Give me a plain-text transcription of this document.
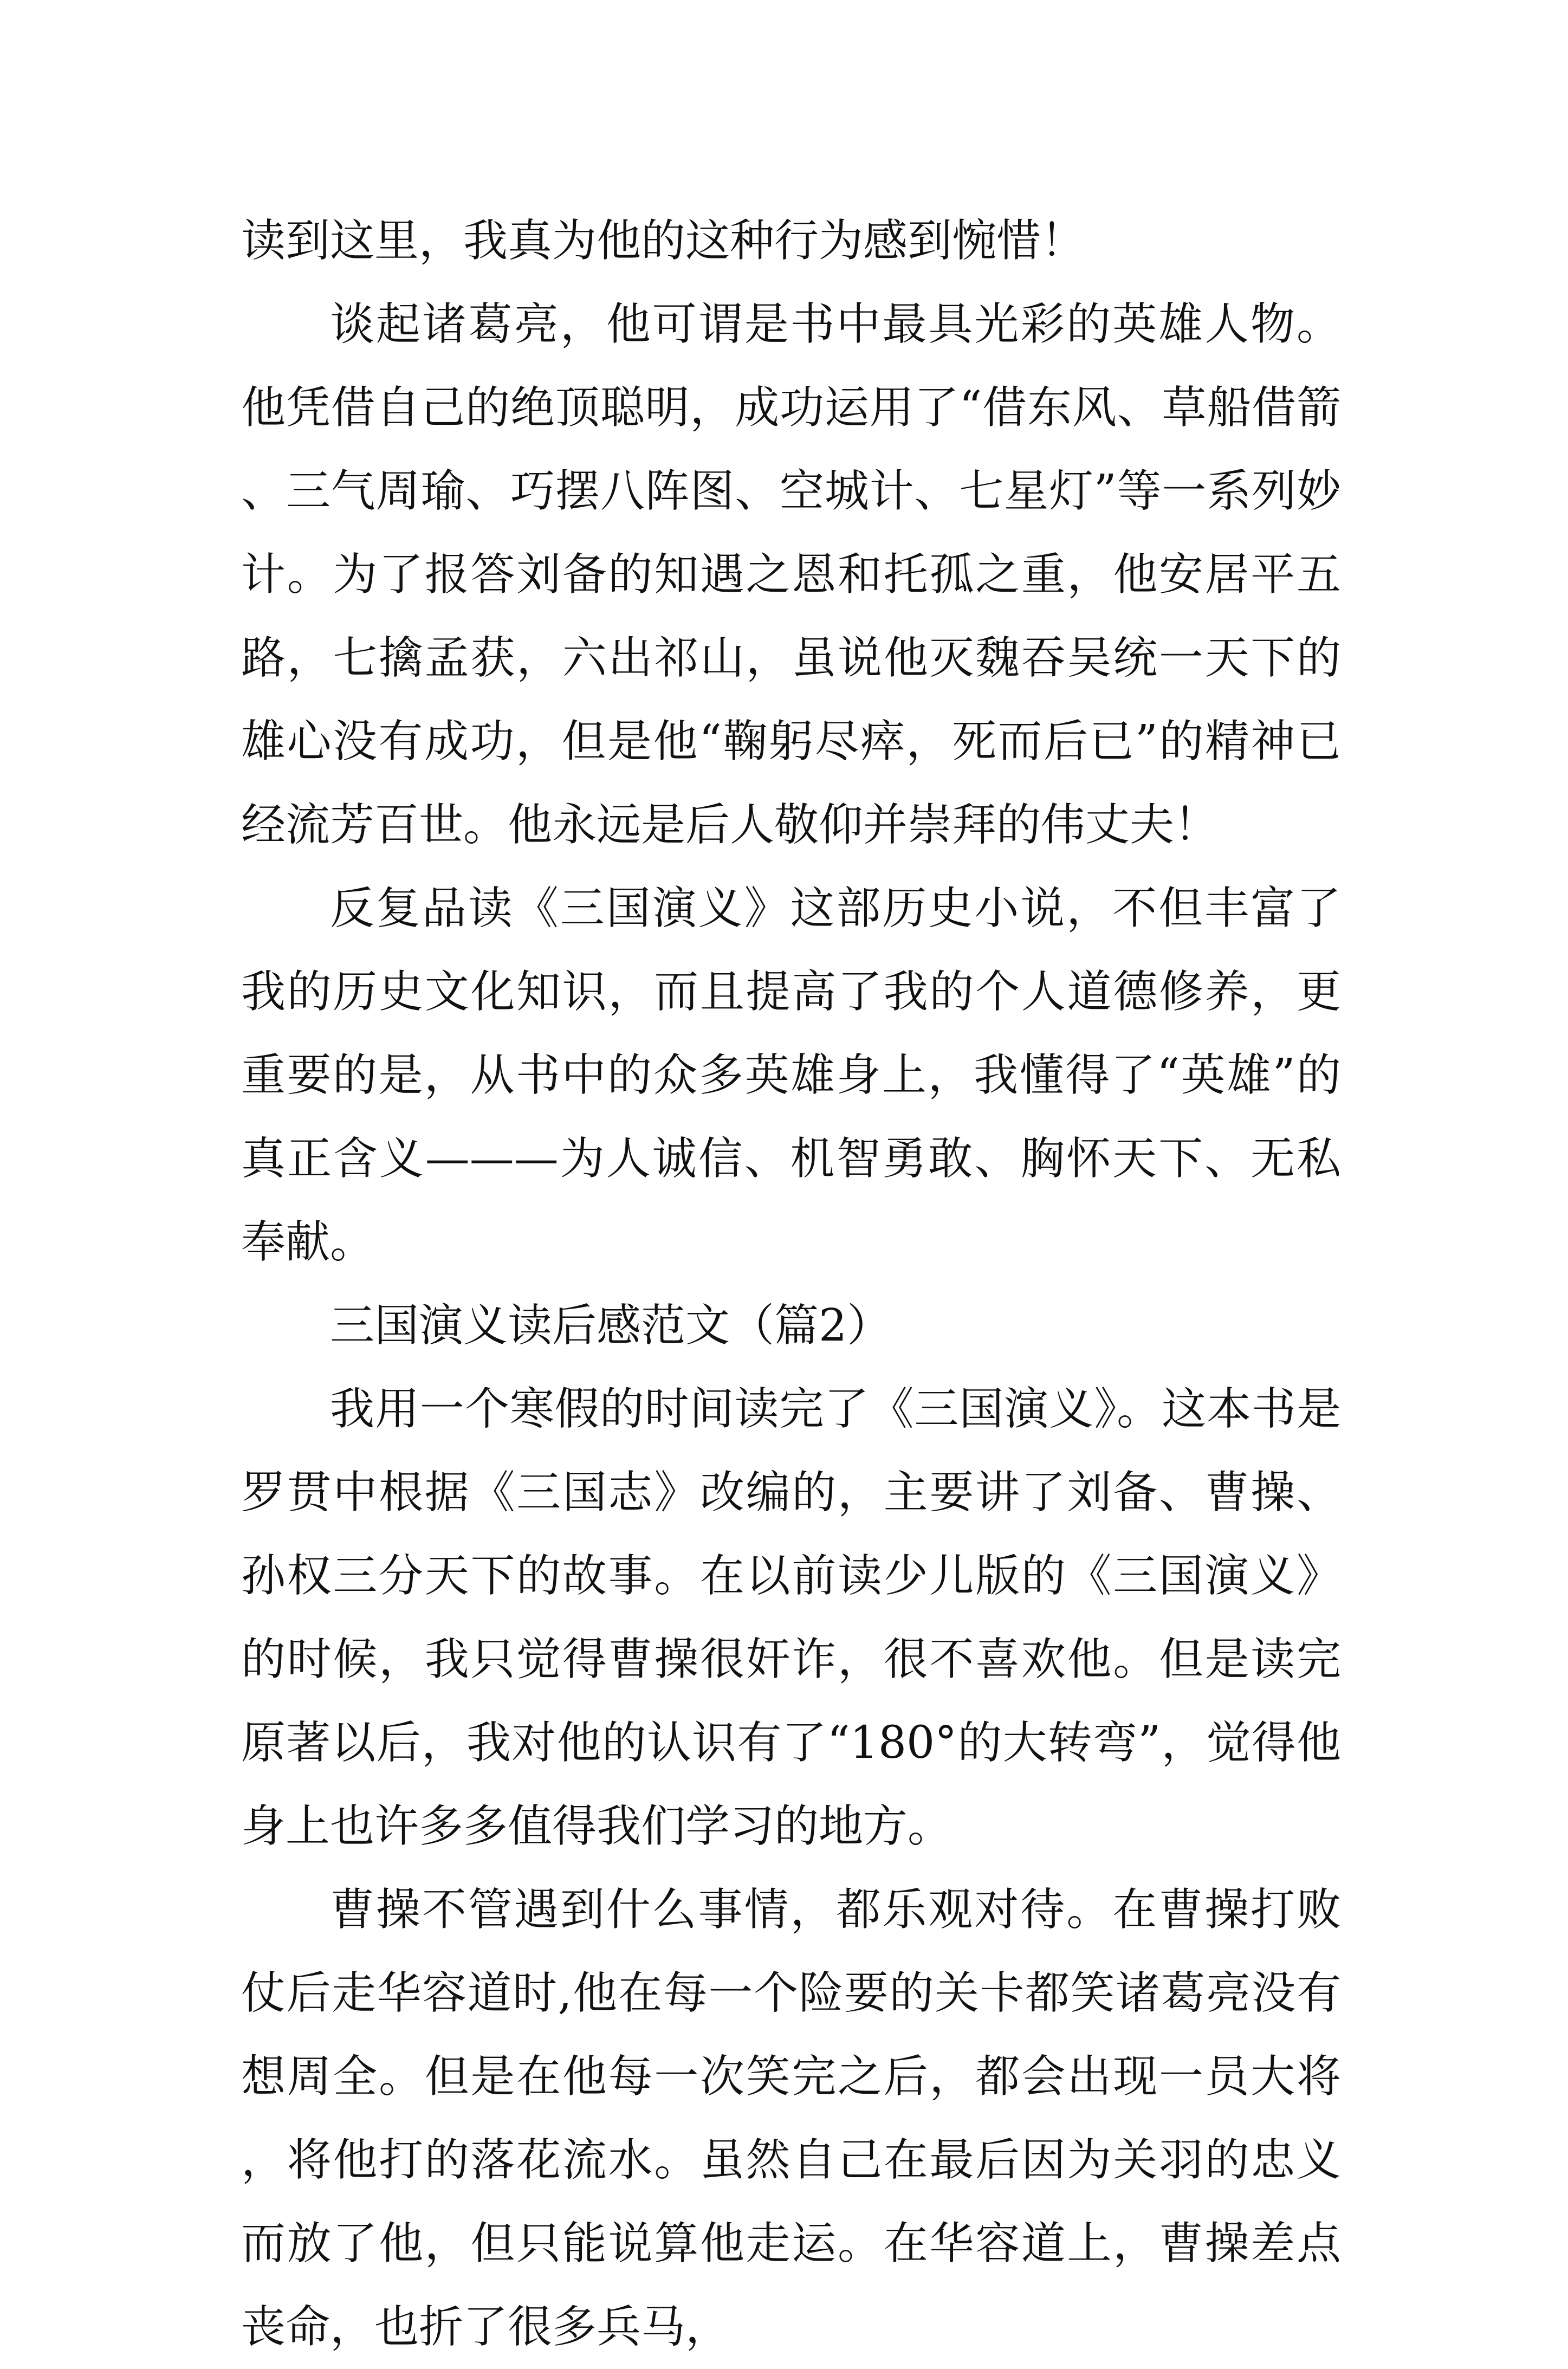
读到这里，我真为他的这种行为感到惋惜！

谈起诸葛亮，他可谓是书中最具光彩的英雄人物。他凭借自己的绝顶聪明，成功运用了“借东风、草船借箭、三气周瑜、巧摆八阵图、空城计、七星灯”等一系列妙计。为了报答刘备的知遇之恩和托孤之重，他安居平五路，七擒孟获，六出祁山，虽说他灭魏吞吴统一天下的雄心没有成功，但是他“鞠躬尽瘁，死而后已”的精神已经流芳百世。他永远是后人敬仰并崇拜的伟丈夫！

反复品读《三国演义》这部历史小说，不但丰富了我的历史文化知识，而且提高了我的个人道德修养，更重要的是，从书中的众多英雄身上，我懂得了“英雄”的真正含义———为人诚信、机智勇敢、胸怀天下、无私奉献。

三国演义读后感范文（篇2）

我用一个寒假的时间读完了《三国演义》。这本书是罗贯中根据《三国志》改编的，主要讲了刘备、曹操、孙权三分天下的故事。在以前读少儿版的《三国演义》的时候，我只觉得曹操很奸诈，很不喜欢他。但是读完原著以后，我对他的认识有了“180°的大转弯”，觉得他身上也许多多值得我们学习的地方。

曹操不管遇到什么事情，都乐观对待。在曹操打败仗后走华容道时,他在每一个险要的关卡都笑诸葛亮没有想周全。但是在他每一次笑完之后，都会出现一员大将，将他打的落花流水。虽然自己在最后因为关羽的忠义而放了他，但只能说算他走运。在华容道上，曹操差点丧命，也折了很多兵马，
